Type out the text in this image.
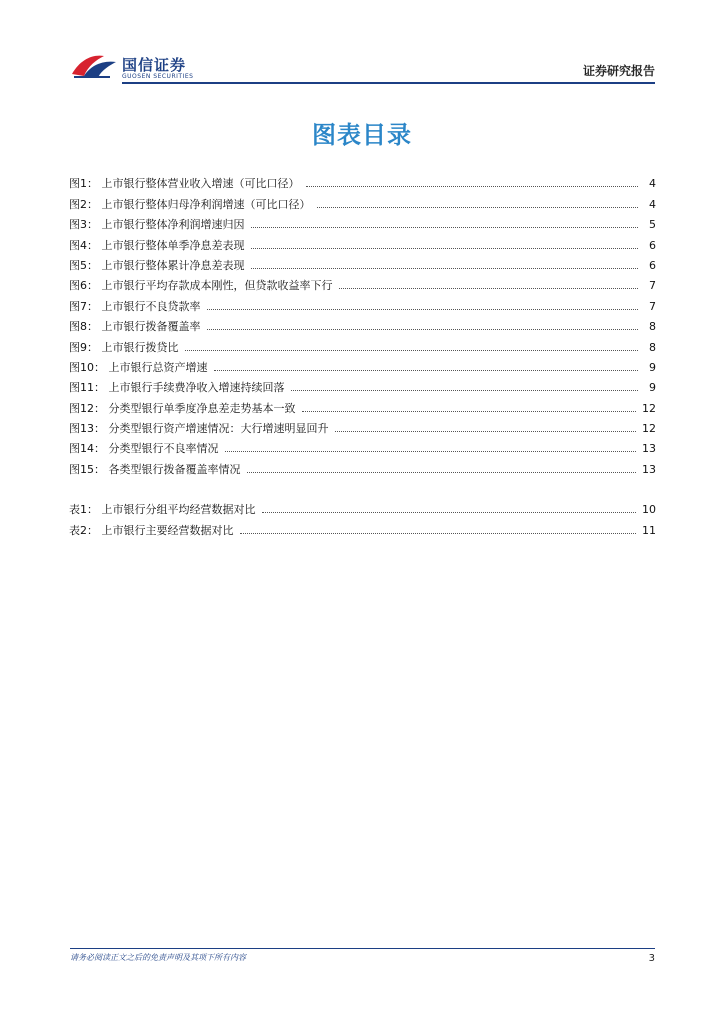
国信证券
GUOSEN SECURITIES	证券研究报告
图表目录
图1： 上市银行整体营业收入增速（可比口径）	4
图2： 上市银行整体归母净利润增速（可比口径）	4
图3： 上市银行整体净利润增速归因	5
图4： 上市银行整体单季净息差表现	6
图5： 上市银行整体累计净息差表现	6
图6： 上市银行平均存款成本刚性，但贷款收益率下行	7
图7： 上市银行不良贷款率	7
图8： 上市银行拨备覆盖率	8
图9： 上市银行拨贷比	8
图10： 上市银行总资产增速	9
图11： 上市银行手续费净收入增速持续回落	9
图12： 分类型银行单季度净息差走势基本一致	12
图13： 分类型银行资产增速情况：大行增速明显回升	12
图14： 分类型银行不良率情况	13
图15： 各类型银行拨备覆盖率情况	13
表1： 上市银行分组平均经营数据对比	10
表2： 上市银行主要经营数据对比	11
请务必阅读正文之后的免责声明及其项下所有内容	3
